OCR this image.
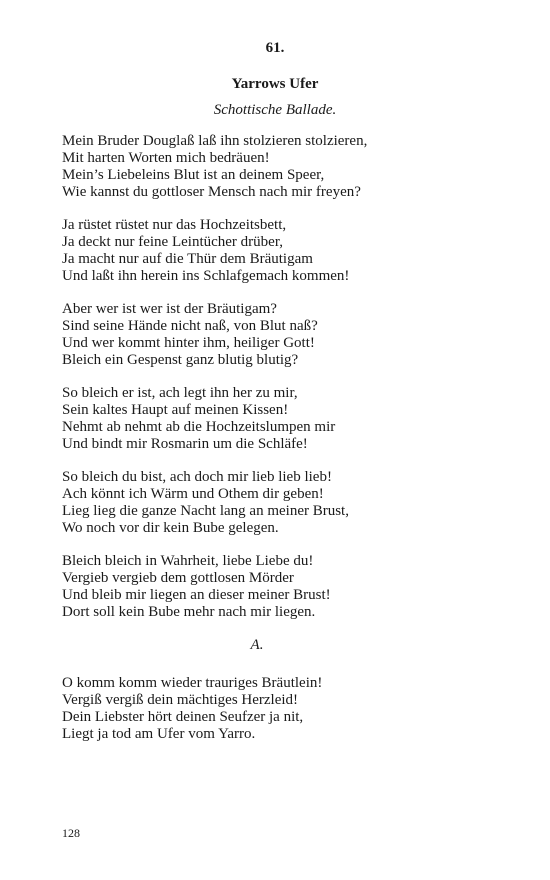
61.
Yarrows Ufer
Schottische Ballade.
Mein Bruder Douglaß laß ihn stolzieren stolzieren,
Mit harten Worten mich bedräuen!
Mein’s Liebeleins Blut ist an deinem Speer,
Wie kannst du gottloser Mensch nach mir freyen?
Ja rüstet rüstet nur das Hochzeitsbett,
Ja deckt nur feine Leintücher drüber,
Ja macht nur auf die Thür dem Bräutigam
Und laßt ihn herein ins Schlafgemach kommen!
Aber wer ist wer ist der Bräutigam?
Sind seine Hände nicht naß, von Blut naß?
Und wer kommt hinter ihm, heiliger Gott!
Bleich ein Gespenst ganz blutig blutig?
So bleich er ist, ach legt ihn her zu mir,
Sein kaltes Haupt auf meinen Kissen!
Nehmt ab nehmt ab die Hochzeitslumpen mir
Und bindt mir Rosmarin um die Schläfe!
So bleich du bist, ach doch mir lieb lieb lieb!
Ach könnt ich Wärm und Othem dir geben!
Lieg lieg die ganze Nacht lang an meiner Brust,
Wo noch vor dir kein Bube gelegen.
Bleich bleich in Wahrheit, liebe Liebe du!
Vergieb vergieb dem gottlosen Mörder
Und bleib mir liegen an dieser meiner Brust!
Dort soll kein Bube mehr nach mir liegen.
A.
O komm komm wieder trauriges Bräutlein!
Vergiß vergiß dein mächtiges Herzleid!
Dein Liebster hört deinen Seufzer ja nit,
Liegt ja tod am Ufer vom Yarro.
128
